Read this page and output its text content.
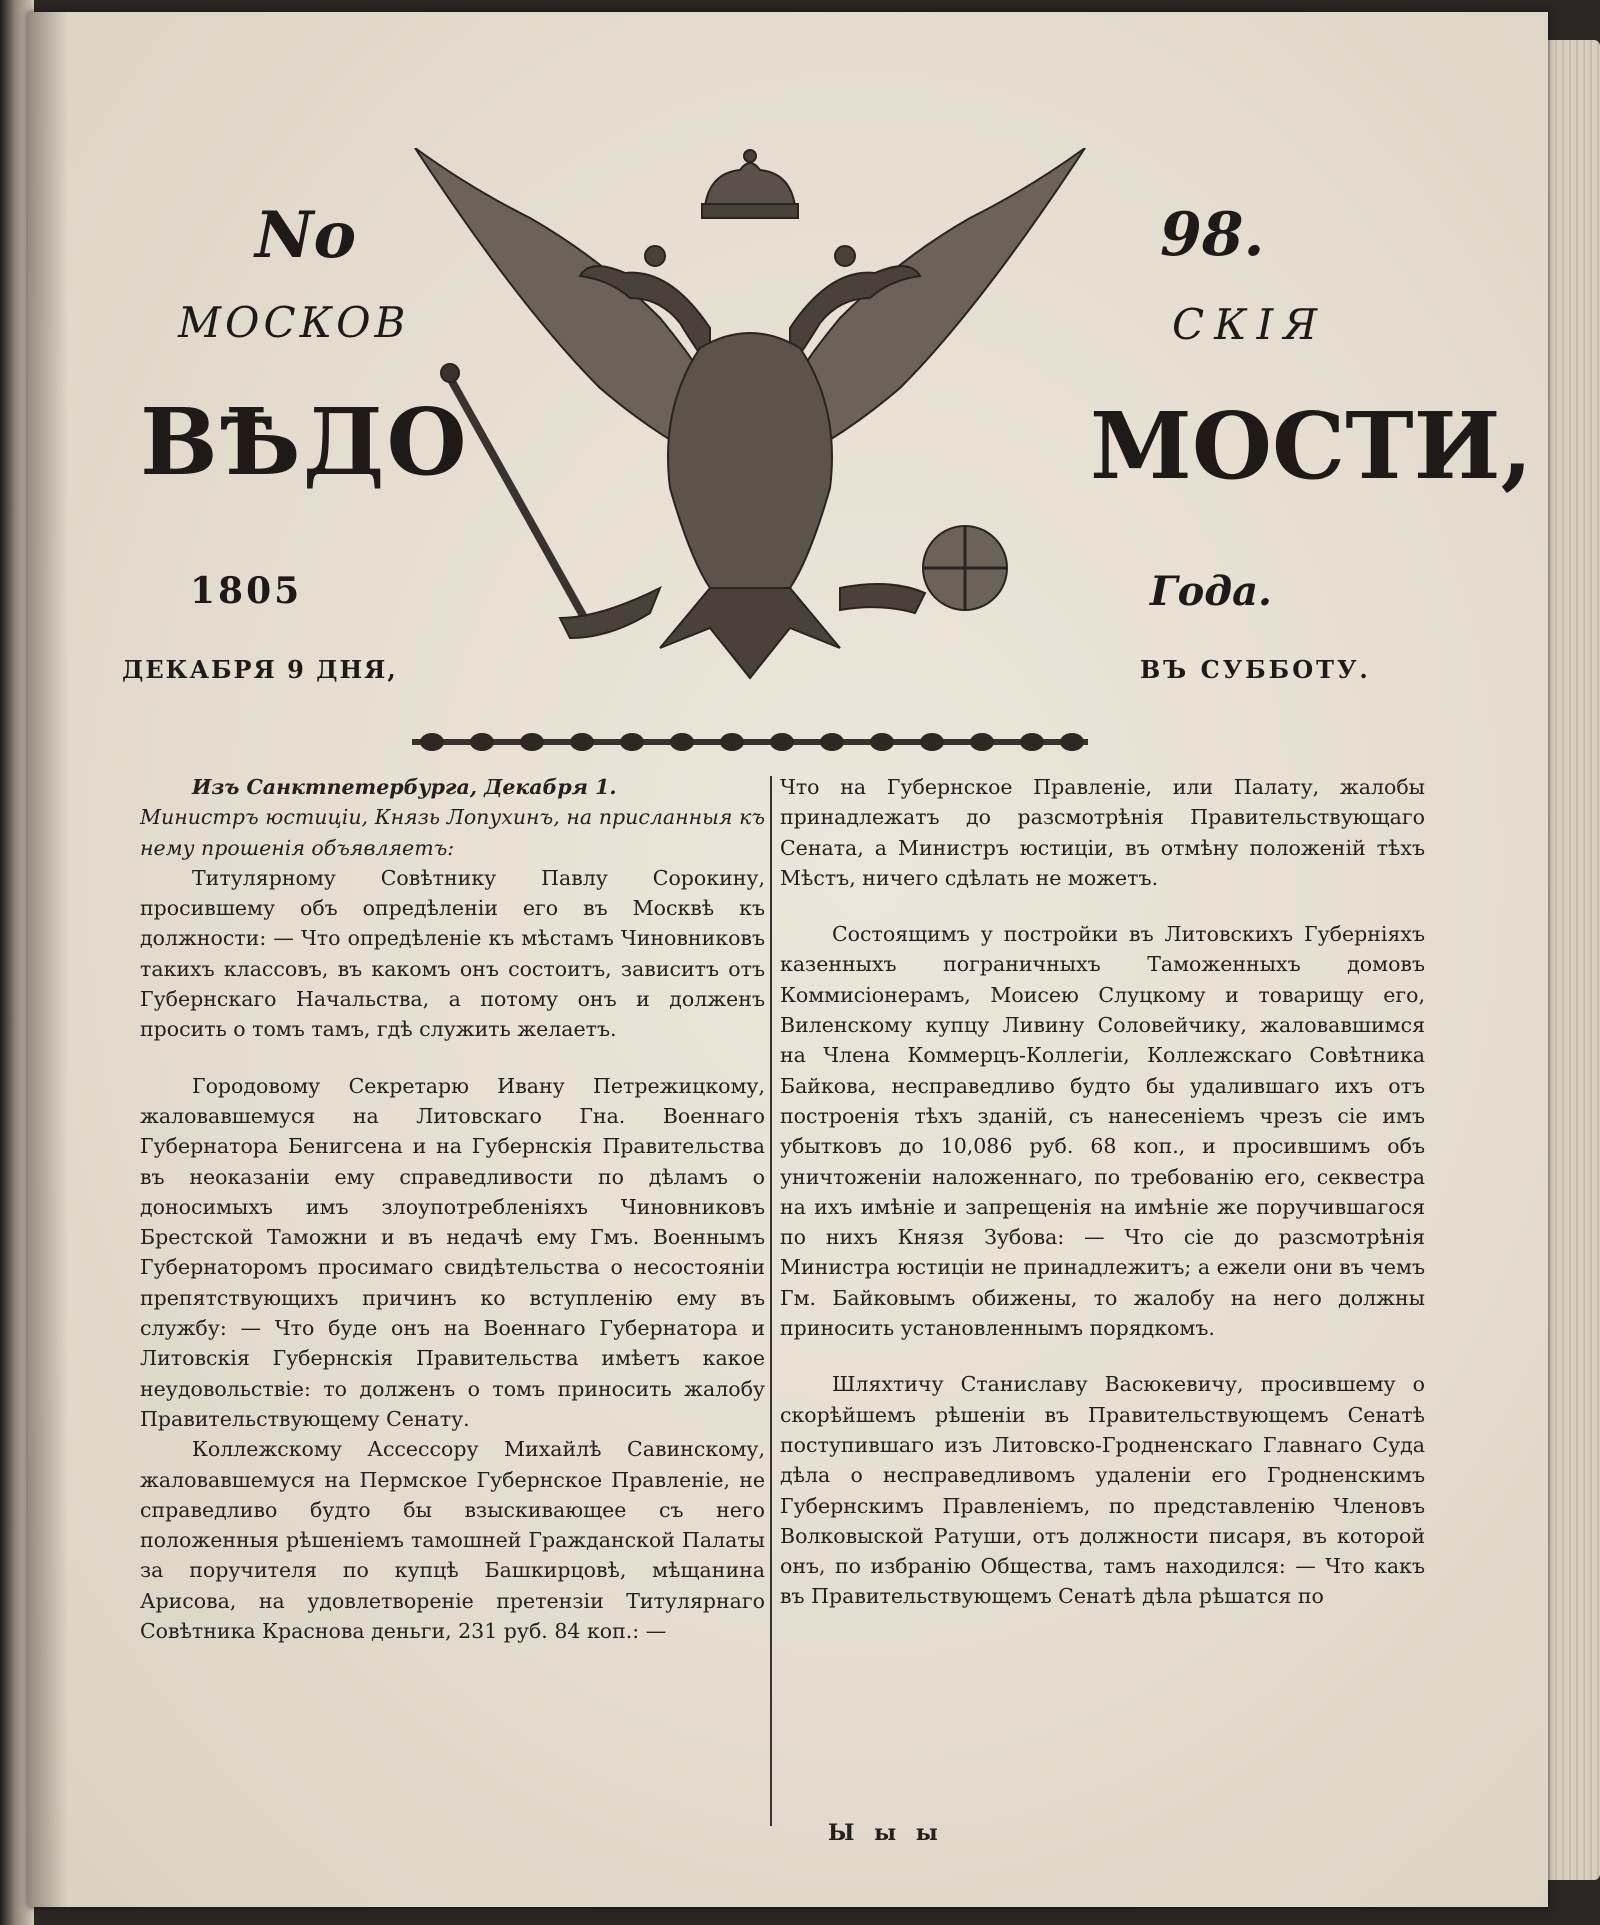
No	98.
МОСКОВ	СКІЯ
ВѢДО	МОСТИ,
1805	Года.
ДЕКАБРЯ 9 ДНЯ,	ВЪ СУББОТУ.

Изъ Санктпетербурга, Декабря 1.

Министръ юстиціи, Князь Лопухинъ, на присланныя къ нему прошенія объявляетъ:

Титулярному Совѣтнику Павлу Сорокину, просившему объ опредѣленіи его въ Москвѣ къ должности: — Что опредѣленіе къ мѣстамъ Чиновниковъ такихъ классовъ, въ какомъ онъ состоитъ, зависитъ отъ Губернскаго Начальства, а потому онъ и долженъ просить о томъ тамъ, гдѣ служить желаетъ.

Городовому Секретарю Ивану Петрежицкому, жаловавшемуся на Литовскаго Гна. Военнаго Губернатора Бенигсена и на Губернскія Правительства въ неоказаніи ему справедливости по дѣламъ о доносимыхъ имъ злоупотребленіяхъ Чиновниковъ Брестской Таможни и въ недачѣ ему Гмъ. Военнымъ Губернаторомъ просимаго свидѣтельства о несостояніи препятствующихъ причинъ ко вступленію ему въ службу: — Что буде онъ на Военнаго Губернатора и Литовскія Губернскія Правительства имѣетъ какое неудовольствіе: то долженъ о томъ приносить жалобу Правительствующему Сенату.

Коллежскому Ассессору Михайлѣ Савинскому, жаловавшемуся на Пермское Губернское Правленіе, не справедливо будто бы взыскивающее съ него положенныя рѣшеніемъ тамошней Гражданской Палаты за поручителя по купцѣ Башкирцовѣ, мѣщанина Арисова, на удовлетвореніе претензіи Титулярнаго Совѣтника Краснова деньги, 231 руб. 84 коп.: —

Что на Губернское Правленіе, или Палату, жалобы принадлежатъ до разсмотрѣнія Правительствующаго Сената, а Министръ юстиціи, въ отмѣну положеній тѣхъ Мѣстъ, ничего сдѣлать не можетъ.

Состоящимъ у постройки въ Литовскихъ Губерніяхъ казенныхъ пограничныхъ Таможенныхъ домовъ Коммисіонерамъ, Моисею Слуцкому и товарищу его, Виленскому купцу Ливину Соловейчику, жаловавшимся на Члена Коммерцъ-Коллегіи, Коллежскаго Совѣтника Байкова, несправедливо будто бы удалившаго ихъ отъ построенія тѣхъ зданій, съ нанесеніемъ чрезъ сіе имъ убытковъ до 10,086 руб. 68 коп., и просившимъ объ уничтоженіи наложеннаго, по требованію его, секвестра на ихъ имѣніе и запрещенія на имѣніе же поручившагося по нихъ Князя Зубова: — Что сіе до разсмотрѣнія Министра юстиціи не принадлежитъ; а ежели они въ чемъ Гм. Байковымъ обижены, то жалобу на него должны приносить установленнымъ порядкомъ.

Шляхтичу Станиславу Васюкевичу, просившему о скорѣйшемъ рѣшеніи въ Правительствующемъ Сенатѣ поступившаго изъ Литовско-Гродненскаго Главнаго Суда дѣла о несправедливомъ удаленіи его Гродненскимъ Губернскимъ Правленіемъ, по представленію Членовъ Волковыской Ратуши, отъ должности писаря, въ которой онъ, по избранію Общества, тамъ находился: — Что какъ въ Правительствующемъ Сенатѣ дѣла рѣшатся по

Ы ы ы
